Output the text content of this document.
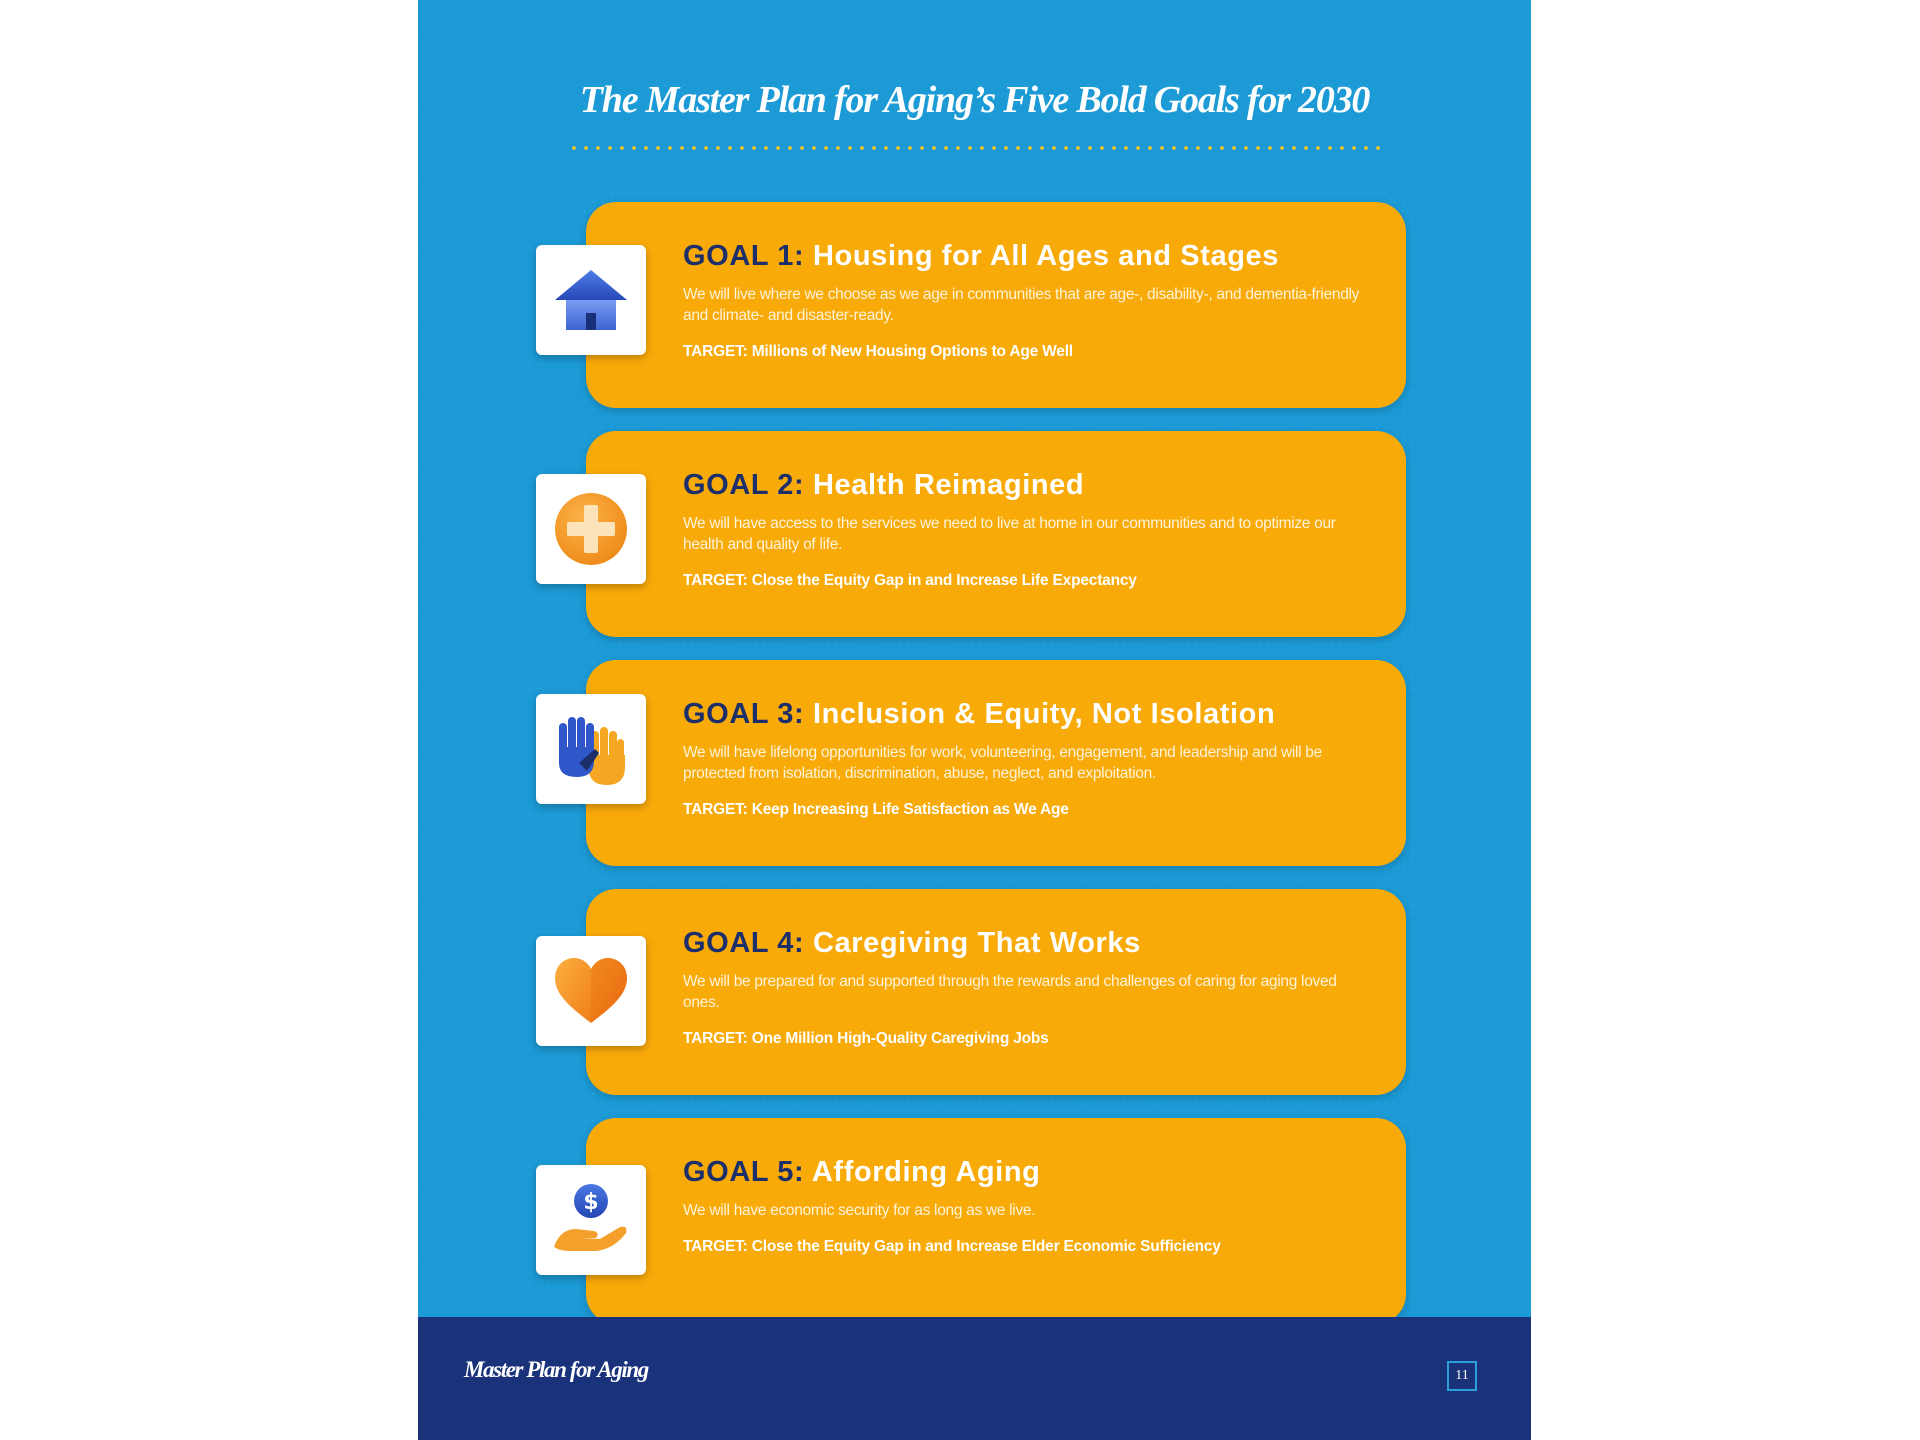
The Master Plan for Aging’s Five Bold Goals for 2030
GOAL 1: Housing for All Ages and Stages

We will live where we choose as we age in communities that are age-, disability-, and dementia-friendly and climate- and disaster-ready.

TARGET: Millions of New Housing Options to Age Well

GOAL 2: Health Reimagined

We will have access to the services we need to live at home in our communities and to optimize our health and quality of life.

TARGET: Close the Equity Gap in and Increase Life Expectancy

GOAL 3: Inclusion & Equity, Not Isolation

We will have lifelong opportunities for work, volunteering, engagement, and leadership and will be protected from isolation, discrimination, abuse, neglect, and exploitation.

TARGET: Keep Increasing Life Satisfaction as We Age

GOAL 4: Caregiving That Works

We will be prepared for and supported through the rewards and challenges of caring for aging loved ones.

TARGET: One Million High-Quality Caregiving Jobs

$
GOAL 5: Affording Aging

We will have economic security for as long as we live.

TARGET: Close the Equity Gap in and Increase Elder Economic Sufficiency

Master Plan for Aging	11
